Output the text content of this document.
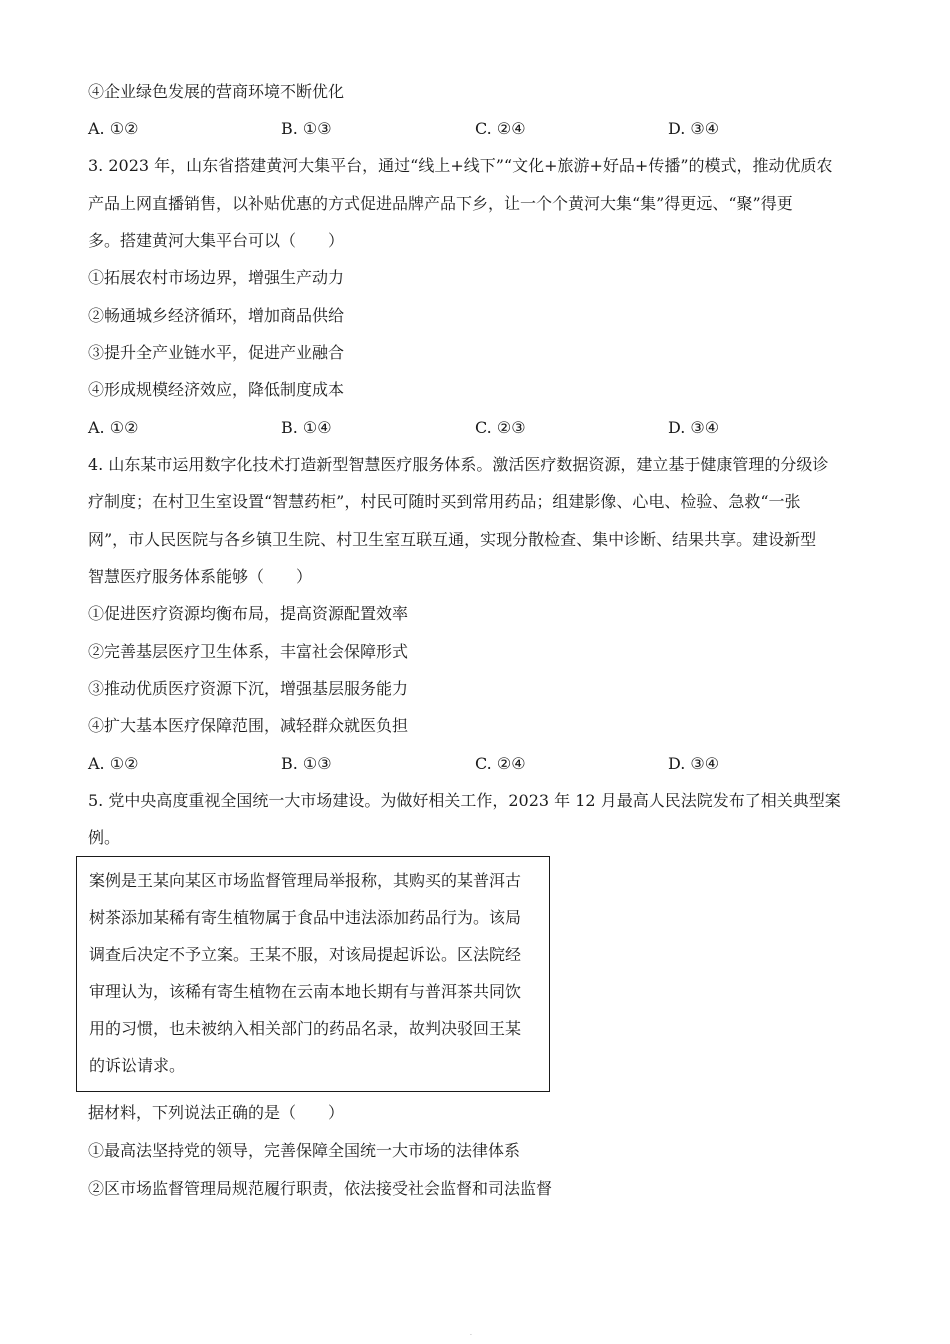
④企业绿色发展的营商环境不断优化
A. ①②	B. ①③	C. ②④	D. ③④
3. 2023 年，山东省搭建黄河大集平台，通过“线上+线下”“文化+旅游+好品+传播”的模式，推动优质农
产品上网直播销售，以补贴优惠的方式促进品牌产品下乡，让一个个黄河大集“集”得更远、“聚”得更
多。搭建黄河大集平台可以（　　）
①拓展农村市场边界，增强生产动力
②畅通城乡经济循环，增加商品供给
③提升全产业链水平，促进产业融合
④形成规模经济效应，降低制度成本
A. ①②	B. ①④	C. ②③	D. ③④
4. 山东某市运用数字化技术打造新型智慧医疗服务体系。激活医疗数据资源，建立基于健康管理的分级诊
疗制度；在村卫生室设置“智慧药柜”，村民可随时买到常用药品；组建影像、心电、检验、急救“一张
网”，市人民医院与各乡镇卫生院、村卫生室互联互通，实现分散检查、集中诊断、结果共享。建设新型
智慧医疗服务体系能够（　　）
①促进医疗资源均衡布局，提高资源配置效率
②完善基层医疗卫生体系，丰富社会保障形式
③推动优质医疗资源下沉，增强基层服务能力
④扩大基本医疗保障范围，减轻群众就医负担
A. ①②	B. ①③	C. ②④	D. ③④
5. 党中央高度重视全国统一大市场建设。为做好相关工作，2023 年 12 月最高人民法院发布了相关典型案
例。
案例是王某向某区市场监督管理局举报称，其购买的某普洱古
树茶添加某稀有寄生植物属于食品中违法添加药品行为。该局
调查后决定不予立案。王某不服，对该局提起诉讼。区法院经
审理认为，该稀有寄生植物在云南本地长期有与普洱茶共同饮
用的习惯，也未被纳入相关部门的药品名录，故判决驳回王某
的诉讼请求。
据材料，下列说法正确的是（　　）
①最高法坚持党的领导，完善保障全国统一大市场的法律体系
②区市场监督管理局规范履行职责，依法接受社会监督和司法监督
.
